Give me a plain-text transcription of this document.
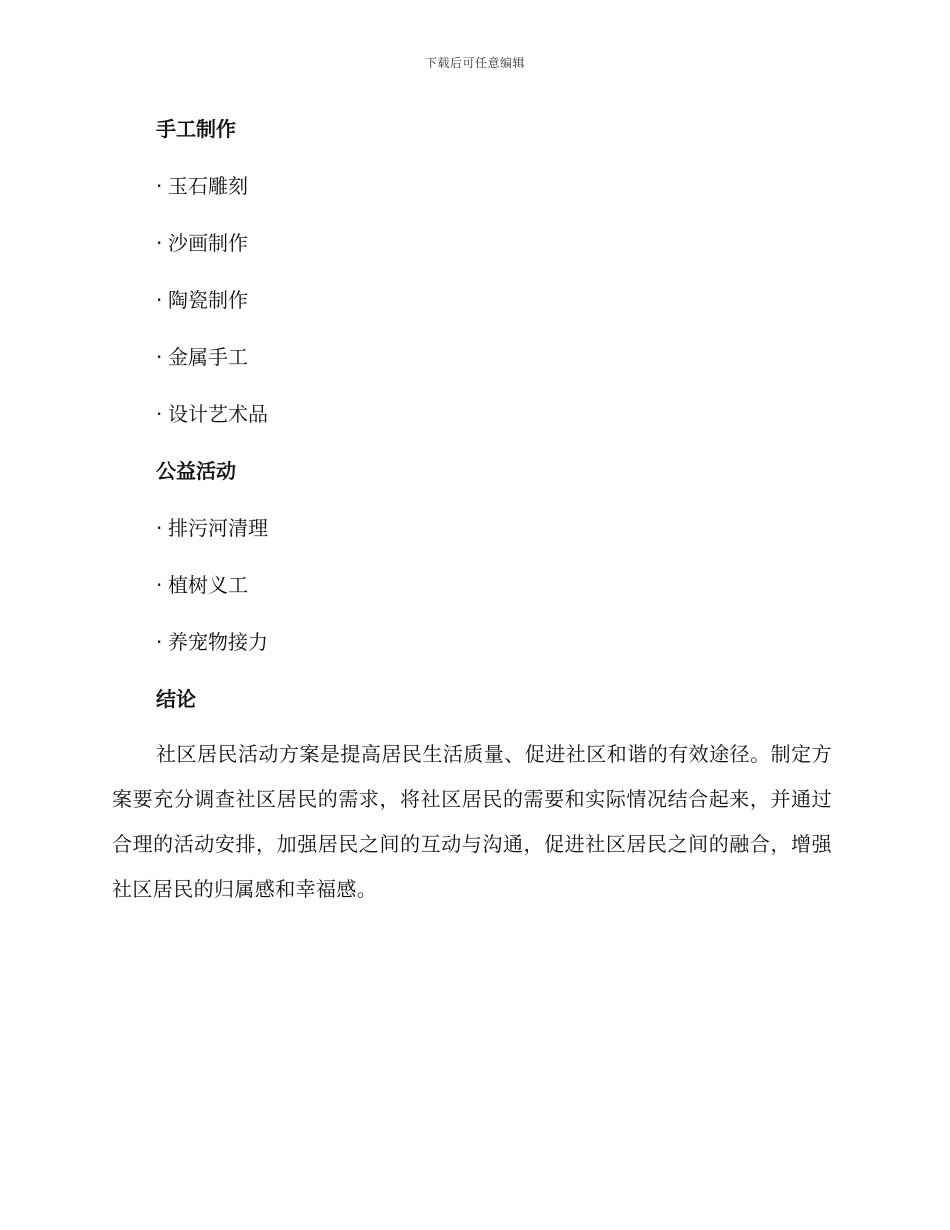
下载后可任意编辑
手工制作
· 玉石雕刻
· 沙画制作
· 陶瓷制作
· 金属手工
· 设计艺术品
公益活动
· 排污河清理
· 植树义工
· 养宠物接力
结论

社区居民活动方案是提高居民生活质量、促进社区和谐的有效途径。制定方案要充分调查社区居民的需求，将社区居民的需要和实际情况结合起来，并通过合理的活动安排，加强居民之间的互动与沟通，促进社区居民之间的融合，增强社区居民的归属感和幸福感。
